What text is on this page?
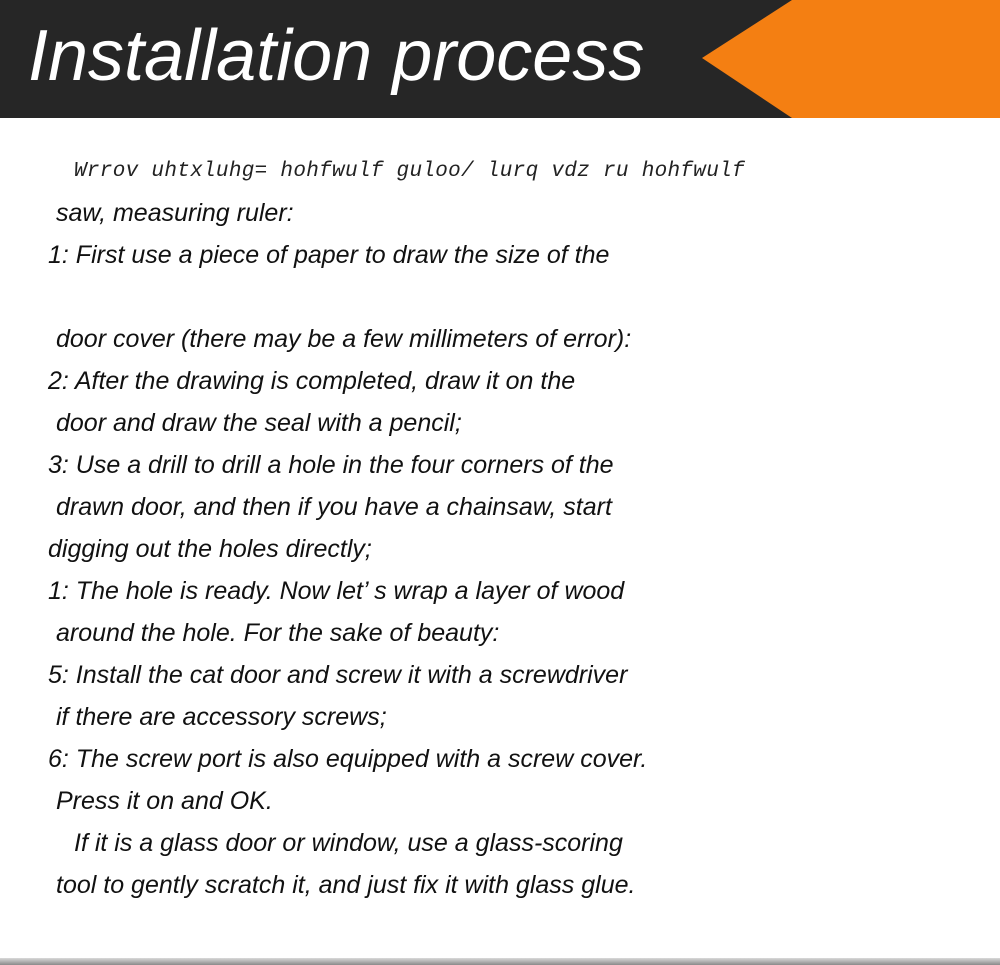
Installation process

Wrrov uhtxluhg= hohfwulf guloo/ lurq vdz ru hohfwulf

saw, measuring ruler:

1: First use a piece of paper to draw the size of the

door cover (there may be a few millimeters of error):

2: After the drawing is completed, draw it on the

door and draw the seal with a pencil;

3: Use a drill to drill a hole in the four corners of the

drawn door, and then if you have a chainsaw, start

digging out the holes directly;

1: The hole is ready. Now let’ s wrap a layer of wood

around the hole. For the sake of beauty:

5: Install the cat door and screw it with a screwdriver

if there are accessory screws;

6: The screw port is also equipped with a screw cover.

Press it on and OK.

If it is a glass door or window, use a glass-scoring

tool to gently scratch it, and just fix it with glass glue.
